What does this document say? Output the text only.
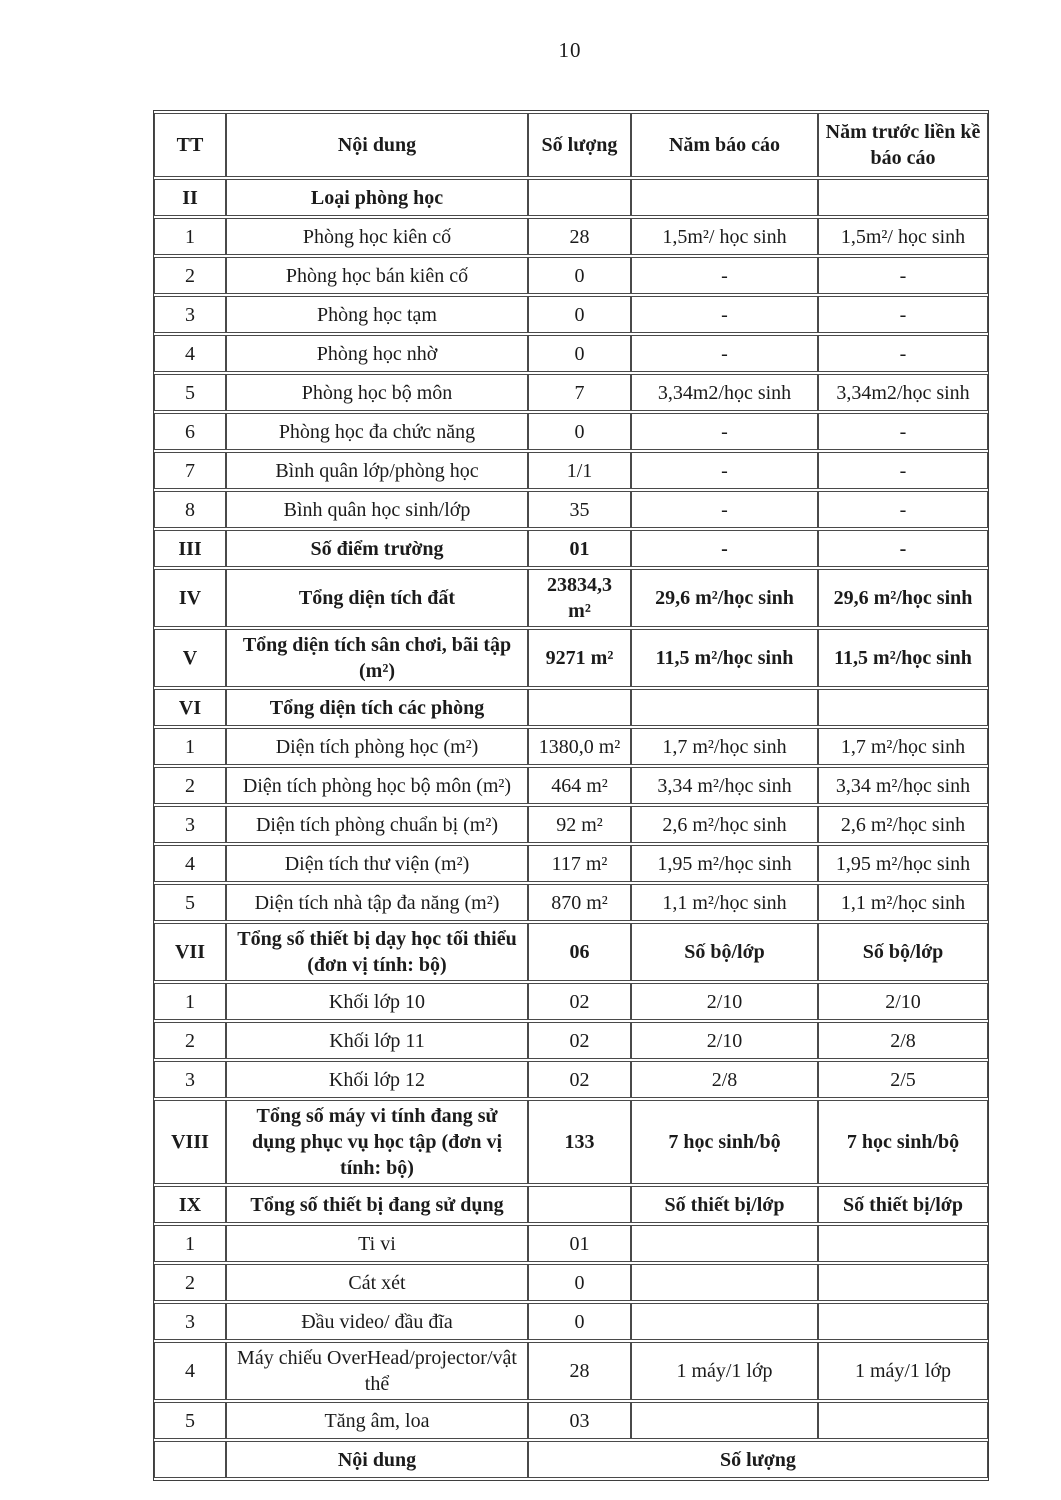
10
TT	Nội dung	Số lượng	Năm báo cáo	Năm trước liền kề báo cáo
II	Loại phòng học			
1	Phòng học kiên cố	28	1,5m²/ học sinh	1,5m²/ học sinh
2	Phòng học bán kiên cố	0	-	-
3	Phòng học tạm	0	-	-
4	Phòng học nhờ	0	-	-
5	Phòng học bộ môn	7	3,34m2/học sinh	3,34m2/học sinh
6	Phòng học đa chức năng	0	-	-
7	Bình quân lớp/phòng học	1/1	-	-
8	Bình quân học sinh/lớp	35	-	-
III	Số điểm trường	01	-	-
IV	Tổng diện tích đất	23834,3 m²	29,6 m²/học sinh	29,6 m²/học sinh
V	Tổng diện tích sân chơi, bãi tập (m²)	9271 m²	11,5 m²/học sinh	11,5 m²/học sinh
VI	Tổng diện tích các phòng			
1	Diện tích phòng học (m²)	1380,0 m²	1,7 m²/học sinh	1,7 m²/học sinh
2	Diện tích phòng học bộ môn (m²)	464 m²	3,34 m²/học sinh	3,34 m²/học sinh
3	Diện tích phòng chuẩn bị (m²)	92 m²	2,6 m²/học sinh	2,6 m²/học sinh
4	Diện tích thư viện (m²)	117 m²	1,95 m²/học sinh	1,95 m²/học sinh
5	Diện tích nhà tập đa năng (m²)	870 m²	1,1 m²/học sinh	1,1 m²/học sinh
VII	Tổng số thiết bị dạy học tối thiểu (đơn vị tính: bộ)	06	Số bộ/lớp	Số bộ/lớp
1	Khối lớp 10	02	2/10	2/10
2	Khối lớp 11	02	2/10	2/8
3	Khối lớp 12	02	2/8	2/5
VIII	Tổng số máy vi tính đang sử dụng phục vụ học tập (đơn vị tính: bộ)	133	7 học sinh/bộ	7 học sinh/bộ
IX	Tổng số thiết bị đang sử dụng		Số thiết bị/lớp	Số thiết bị/lớp
1	Ti vi	01		
2	Cát xét	0		
3	Đầu video/ đầu đĩa	0		
4	Máy chiếu OverHead/projector/vật thể	28	1 máy/1 lớp	1 máy/1 lớp
5	Tăng âm, loa	03		
	Nội dung	Số lượng		
